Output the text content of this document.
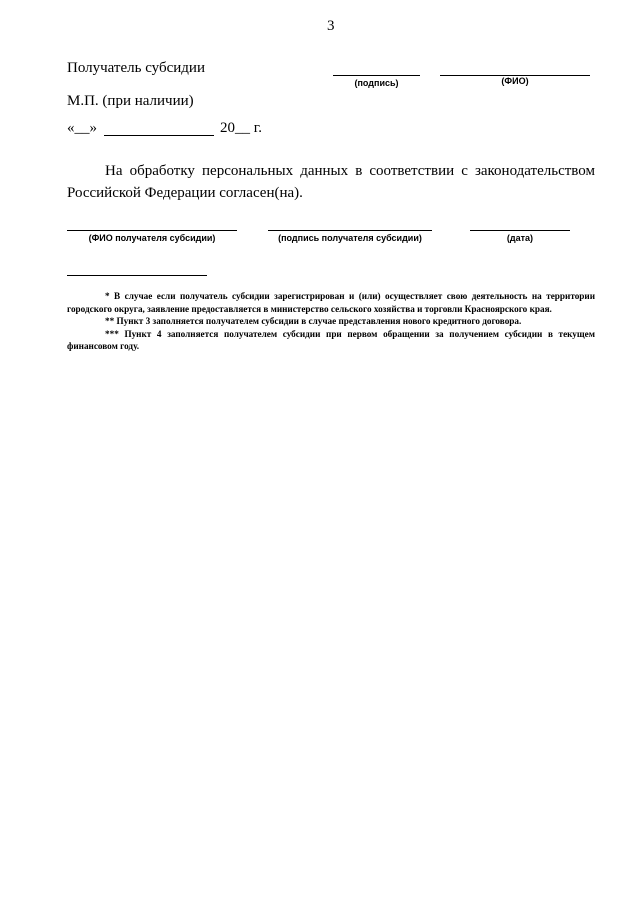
3
Получатель субсидии
(подпись)	(ФИО)
М.П. (при наличии)
«__»	20__ г.
На обработку персональных данных в соответствии с законодательством Российской Федерации согласен(на).
(ФИО получателя субсидии)	(подпись получателя субсидии)	(дата)

* В случае если получатель субсидии зарегистрирован и (или) осуществляет свою деятельность на территории городского округа, заявление предоставляется в министерство сельского хозяйства и торговли Красноярского края.

** Пункт 3 заполняется получателем субсидии в случае представления нового кредитного договора.

*** Пункт 4 заполняется получателем субсидии при первом обращении за получением субсидии в текущем финансовом году.
